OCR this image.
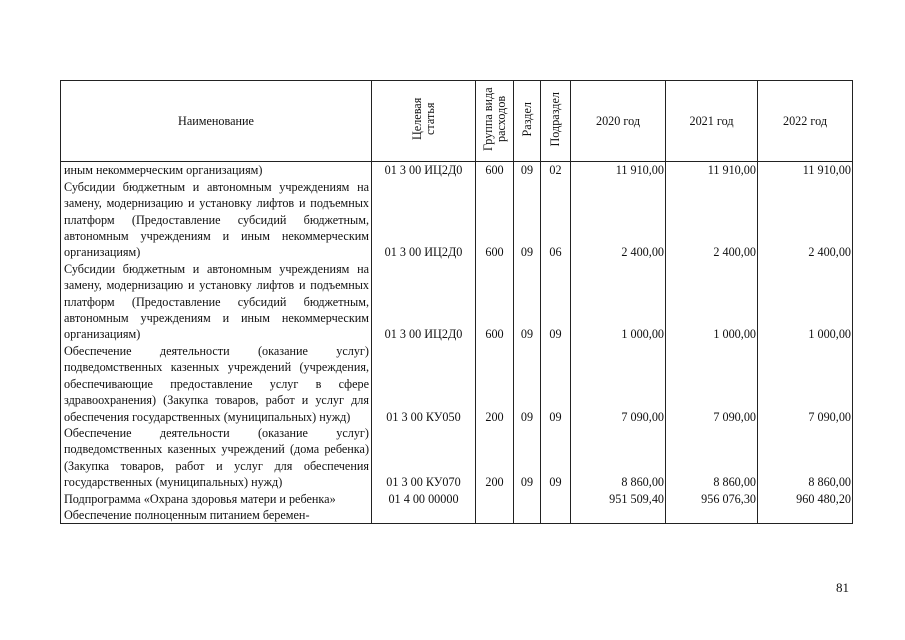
Наименование	Целевая статья	Группа вида расходов	Раздел	Подраздел	2020 год	2021 год	2022 год
иным некоммерческим организациям)	01 3 00 ИЦ2Д0	600	09	02	11 910,00	11 910,00	11 910,00
Субсидии бюджетным и автономным учреждениям на замену, модернизацию и установку лифтов и подъемных платформ (Предоставление субсидий бюджетным, автономным учреждениям и иным некоммерческим организациям)	01 3 00 ИЦ2Д0	600	09	06	2 400,00	2 400,00	2 400,00
Субсидии бюджетным и автономным учреждениям на замену, модернизацию и установку лифтов и подъемных платформ (Предоставление субсидий бюджетным, автономным учреждениям и иным некоммерческим организациям)	01 3 00 ИЦ2Д0	600	09	09	1 000,00	1 000,00	1 000,00
Обеспечение деятельности (оказание услуг) подведомственных казенных учреждений (учреждения, обеспечивающие предоставление услуг в сфере здравоохранения) (Закупка товаров, работ и услуг для обеспечения государственных (муниципальных) нужд)	01 3 00 КУ050	200	09	09	7 090,00	7 090,00	7 090,00
Обеспечение деятельности (оказание услуг) подведомственных казенных учреждений (дома ребенка) (Закупка товаров, работ и услуг для обеспечения государственных (муниципальных) нужд)	01 3 00 КУ070	200	09	09	8 860,00	8 860,00	8 860,00
Подпрограмма «Охрана здоровья матери и ребенка»	01 4 00 00000				951 509,40	956 076,30	960 480,20
Обеспечение полноценным питанием беремен-							
81
